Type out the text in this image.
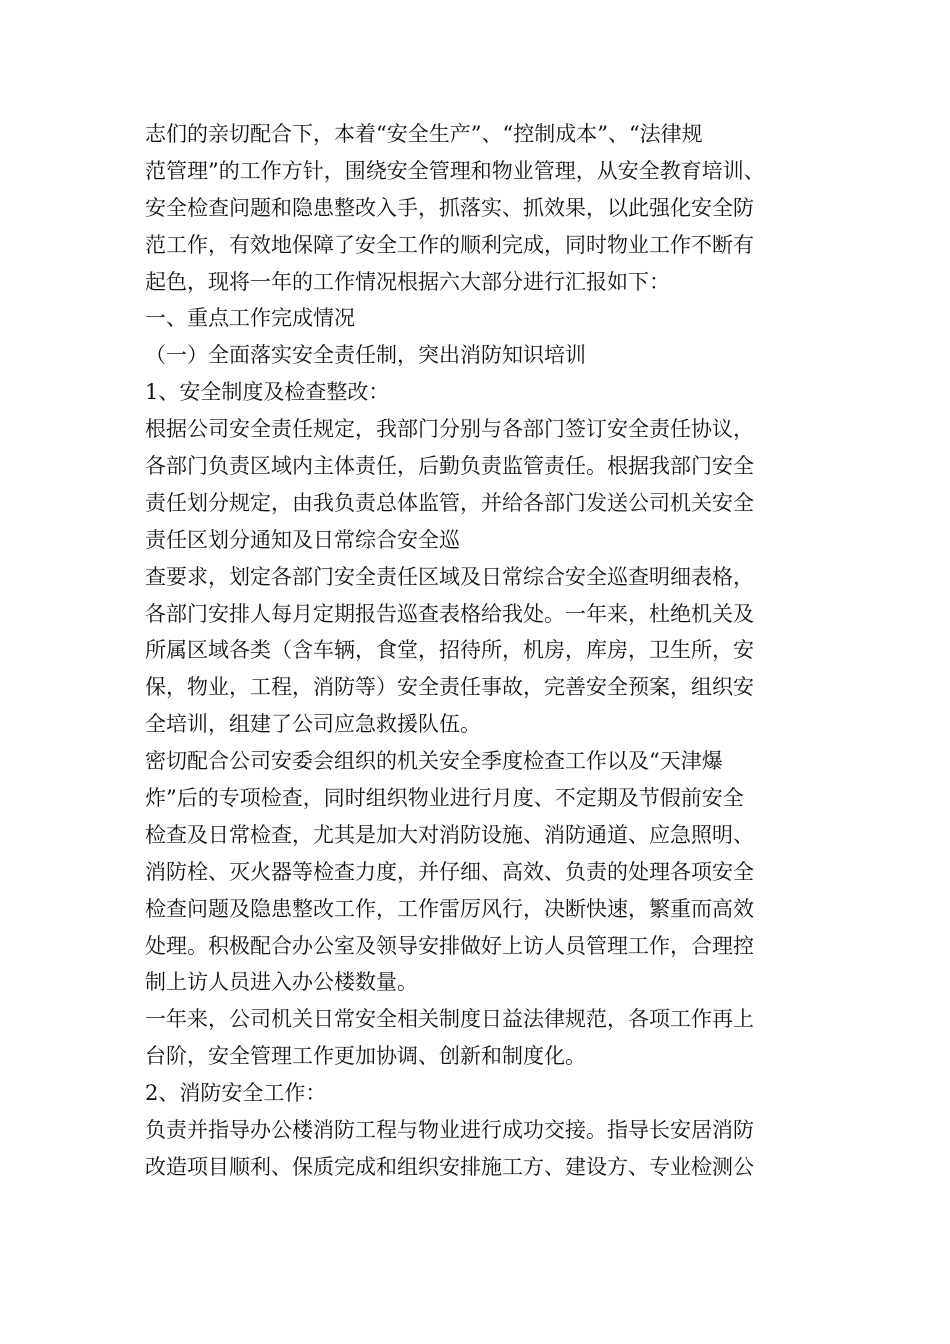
志们的亲切配合下，本着“安全生产”、“控制成本”、“法律规
范管理”的工作方针，围绕安全管理和物业管理，从安全教育培训、
安全检查问题和隐患整改入手，抓落实、抓效果，以此强化安全防
范工作，有效地保障了安全工作的顺利完成，同时物业工作不断有
起色，现将一年的工作情况根据六大部分进行汇报如下：
一、重点工作完成情况
（一）全面落实安全责任制，突出消防知识培训
1、安全制度及检查整改：
根据公司安全责任规定，我部门分别与各部门签订安全责任协议，
各部门负责区域内主体责任，后勤负责监管责任。根据我部门安全
责任划分规定，由我负责总体监管，并给各部门发送公司机关安全
责任区划分通知及日常综合安全巡
查要求，划定各部门安全责任区域及日常综合安全巡查明细表格，
各部门安排人每月定期报告巡查表格给我处。一年来，杜绝机关及
所属区域各类（含车辆，食堂，招待所，机房，库房，卫生所，安
保，物业，工程，消防等）安全责任事故，完善安全预案，组织安
全培训，组建了公司应急救援队伍。
密切配合公司安委会组织的机关安全季度检查工作以及“天津爆
炸”后的专项检查，同时组织物业进行月度、不定期及节假前安全
检查及日常检查，尤其是加大对消防设施、消防通道、应急照明、
消防栓、灭火器等检查力度，并仔细、高效、负责的处理各项安全
检查问题及隐患整改工作，工作雷厉风行，决断快速，繁重而高效
处理。积极配合办公室及领导安排做好上访人员管理工作，合理控
制上访人员进入办公楼数量。
一年来，公司机关日常安全相关制度日益法律规范，各项工作再上
台阶，安全管理工作更加协调、创新和制度化。
2、消防安全工作：
负责并指导办公楼消防工程与物业进行成功交接。指导长安居消防
改造项目顺利、保质完成和组织安排施工方、建设方、专业检测公
